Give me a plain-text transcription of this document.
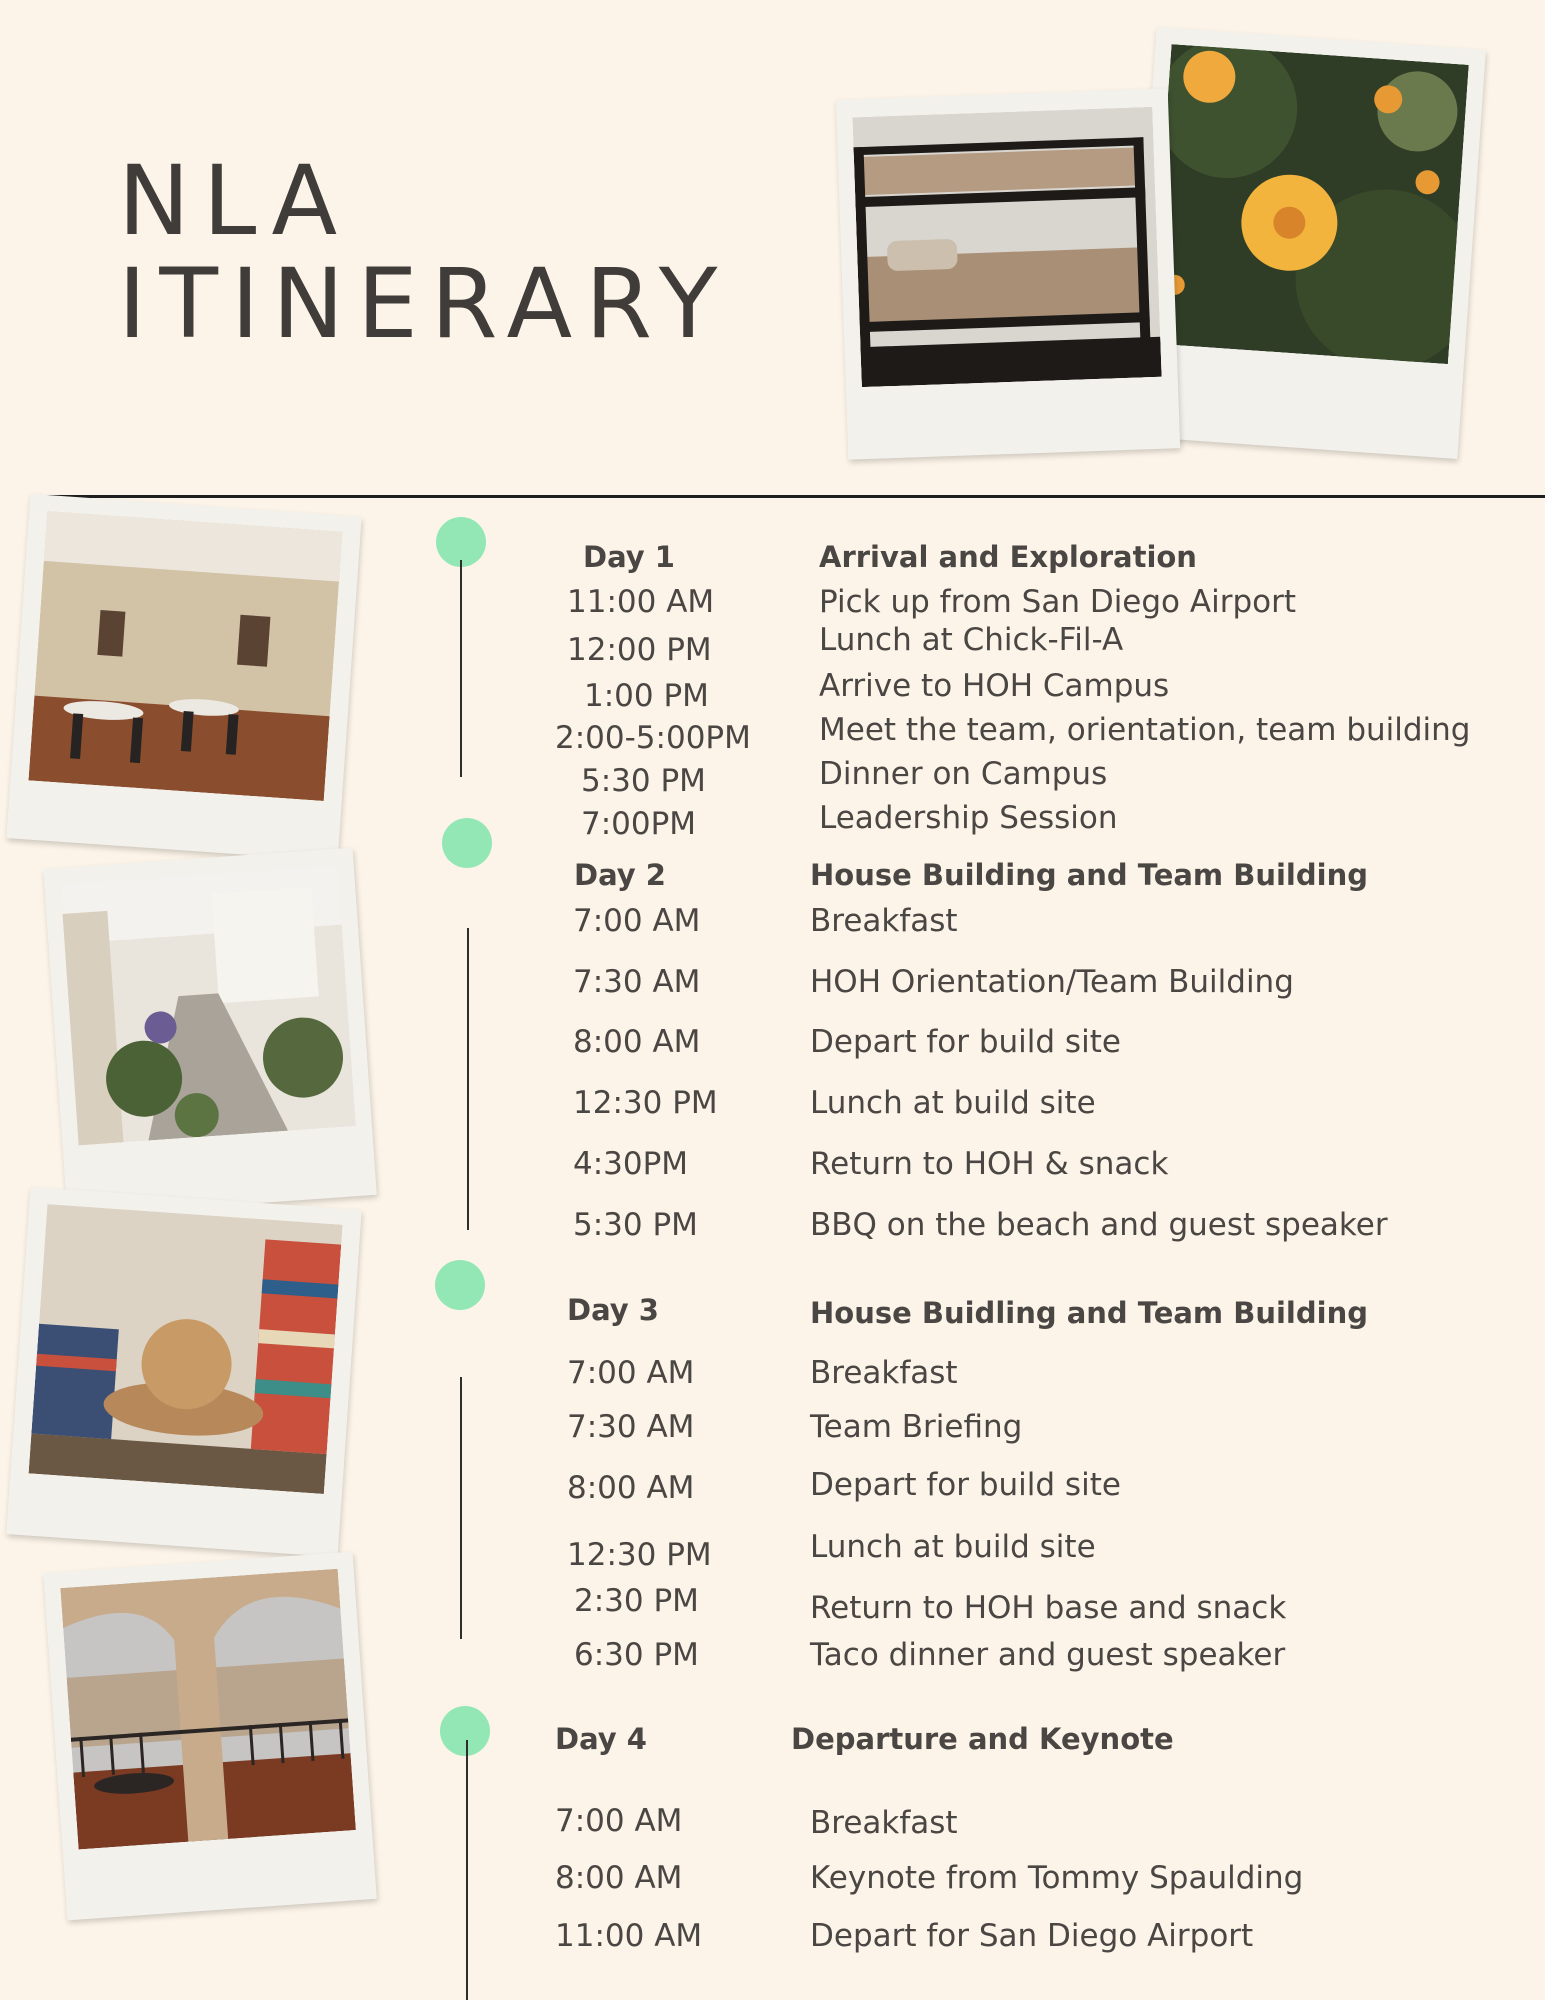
NLA
ITINERARY
Day 1	Arrival and Exploration
11:00 AM	Pick up from San Diego Airport
12:00 PM	Lunch at Chick-Fil-A
1:00 PM	Arrive to HOH Campus
2:00-5:00PM Meet the team, orientation, team building
5:30 PM	Dinner on Campus
7:00PM	Leadership Session
Day 2	House Building and Team Building
7:00 AM	Breakfast
7:30 AM	HOH Orientation/Team Building
8:00 AM	Depart for build site
12:30 PM	Lunch at build site
4:30PM	Return to HOH & snack
5:30 PM	BBQ on the beach and guest speaker
Day 3	House Buidling and Team Building
7:00 AM	Breakfast
7:30 AM	Team Briefing
8:00 AM	Depart for build site
12:30 PM	Lunch at build site
2:30 PM	Return to HOH base and snack
6:30 PM	Taco dinner and guest speaker
Day 4	Departure and Keynote
7:00 AM	Breakfast
8:00 AM	Keynote from Tommy Spaulding
11:00 AM	Depart for San Diego Airport
